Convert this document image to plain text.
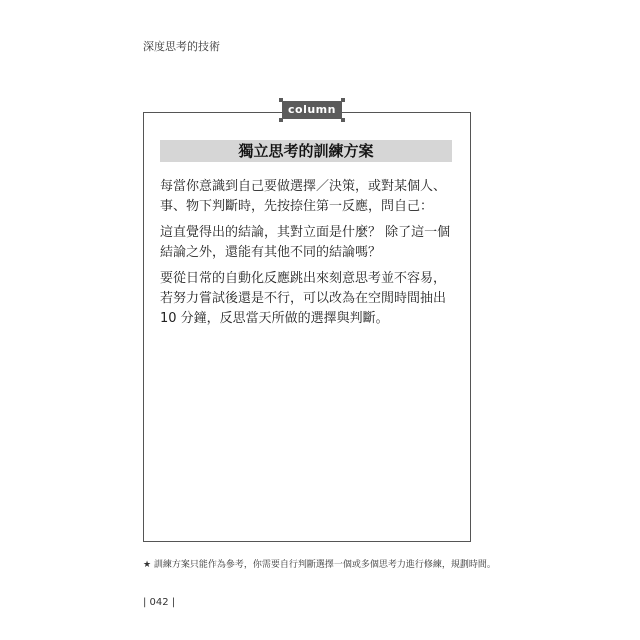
深度思考的技術
column
獨立思考的訓練方案

每當你意識到自己要做選擇／決策，或對某個人、事、物下判斷時，先按捺住第一反應，問自己：

這直覺得出的結論，其對立面是什麼？ 除了這一個結論之外，還能有其他不同的結論嗎？

要從日常的自動化反應跳出來刻意思考並不容易，若努力嘗試後還是不行，可以改為在空閒時間抽出 10 分鐘，反思當天所做的選擇與判斷。

★ 訓練方案只能作為參考，你需要自行判斷選擇一個或多個思考力進行修練，規劃時間。
| 042 |
